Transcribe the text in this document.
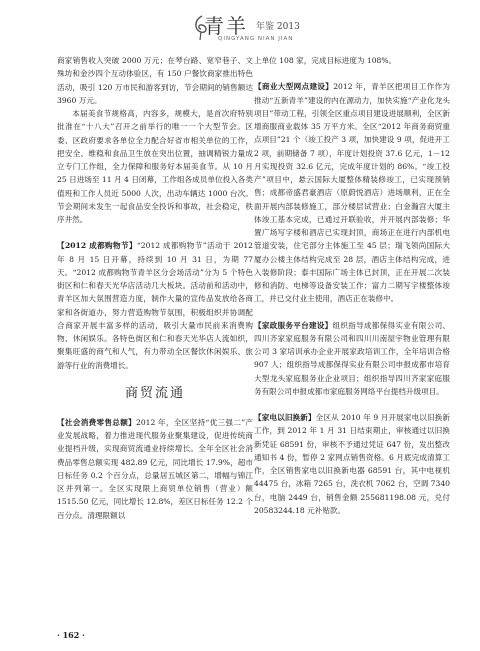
青羊 年鉴 2013
QINGYANG NIAN JIAN

商家销售收入突破 2000 万元；在琴台路、宽窄巷子、文殊坊和金沙四个互动体验区，有 150 户餐饮商家推出特色活动，吸引 120 万市民和游客到访，节会期间的销售额达 3960 万元。

本届美食节规格高，内容多，规模大，是首次府特别批准在“十八大”召开之前举行的唯一一个大型节会。区委、区政府要求各单位全力配合好省市相关单位的工作，把安全、维稳和食品卫生放在突出位置，抽调精锐力量成立专门工作组，全力保障和服务好本届美食节。从 10 月 25 日进场至 11 月 4 日闭幕，工作组各成员单位投入各类值班和工作人员近 5000 人次，出动车辆达 1000 台次。节会期间未发生一起食品安全投诉和事故，社会稳定，秩序井然。

【2012 成都购物节】“2012 成都购物节”活动于 2012 年 8 月 15 日开幕，持续到 10 月 31 日，为期 77 天。“2012 成都购物节青羊区分会场活动”分为 5 个特色街区和仁和春天光华店活动几大板块。活动前和活动中，青羊区加大氛围营造力度，制作大量的宣传品发放给各商家和各街道办，努力营造购物节氛围，积极组织并协调配合商家开展丰富多样的活动，吸引大量市民前来消费购物、休闲娱乐。各特色街区和仁和春天光华店人流如织，聚集旺盛的商气和人气，有力带动全区餐饮休闲娱乐、旅游等行业的消费增长。

商贸流通

【社会消费零售总额】2012 年，全区坚持“优三强二”产业发展战略，着力推进现代服务业聚集建设，促进传统商业提档升级，实现商贸流通业持续增长。全年全区社会消费品零售总额实现 482.89 亿元，同比增长 17.9%，超市日标任务 0.2 个百分点，总量居五城区第二，增幅与锦江区并列第一。全区实现限上商贸单位销售（营业）额 1515.50 亿元，同比增长 12.8%，差区日标任务 12.2 个百分点。清理限额以

上单位 108 家，完成目标进度为 108%。

【商业大型网点建设】2012 年，青羊区把项目工作作为推动“五新青羊”建设的内在源动力，加快实施“产业化龙头项目”带动工程，引领全区重点项目建设进展顺利，全区新增商服商业载体 35 万平方米。全区“2012 年商务商贸重点项目”21 个（竣工投产 3 项，加快建设 9 项，促进开工 2 项，前期储备 7 项），年度计划投资 37.6 亿元，1－12 月实现投资 32.6 亿元，完成年度计划的 86%。“竣工投产”项目中，悬云国际大厦整体精装修竣工，已实现预销售；成都帝盛君豪酒店（原蔚悦酒店）进场顺利，正在全面开展内部装修施工，部分楼层试营业；白金瀚宫大厦主体竣工基本完成，已通过开联验收，并开展内部装修；华置广场写字楼和酒店已实现封顶，商场正在进行内部机电管道安装，住宅部分主体施工至 45 层；瑞飞领尚国际大厦办公楼主体结构完成至 28 层，酒店主体结构完成，进入装修阶段；泰丰国际广场主体已封顶，正在开展二次装修和消防、电梯等设备安装工作；富力二期写字楼整体竣工，并已交付业主使用，酒店正在装修中。

【家政服务平台建设】组织指导成都保得实业有限公司、四川齐家家庭服务有限公司和四川川南屋宇物业管理有限公司 3 家培训承办企业开展家政培训工作，全年培训合格 907 人；组织指导成都保得实业有限公司申报成都市培育大型龙头家庭服务业企业项目；组织指导四川齐家家庭服务有限公司申报成都市家庭服务网络平台提档升级项目。

【家电以旧换新】全区从 2010 年 9 月开展家电以旧换新工作，到 2012 年 1 月 31 日结束期止，审核通过以旧换新凭证 68591 份，审核不予通过凭证 647 份，发出整改通知书 4 份，暂停 2 家网点销售资格。6 月底完成清算工作，全区销售家电以旧换新电器 68591 台，其中电视机 44475 台，冰箱 7265 台，洗衣机 7062 台，空调 7340 台，电脑 2449 台，销售金额 255681198.08 元，兑付 20583244.18 元补贴款。

· 162 ·
